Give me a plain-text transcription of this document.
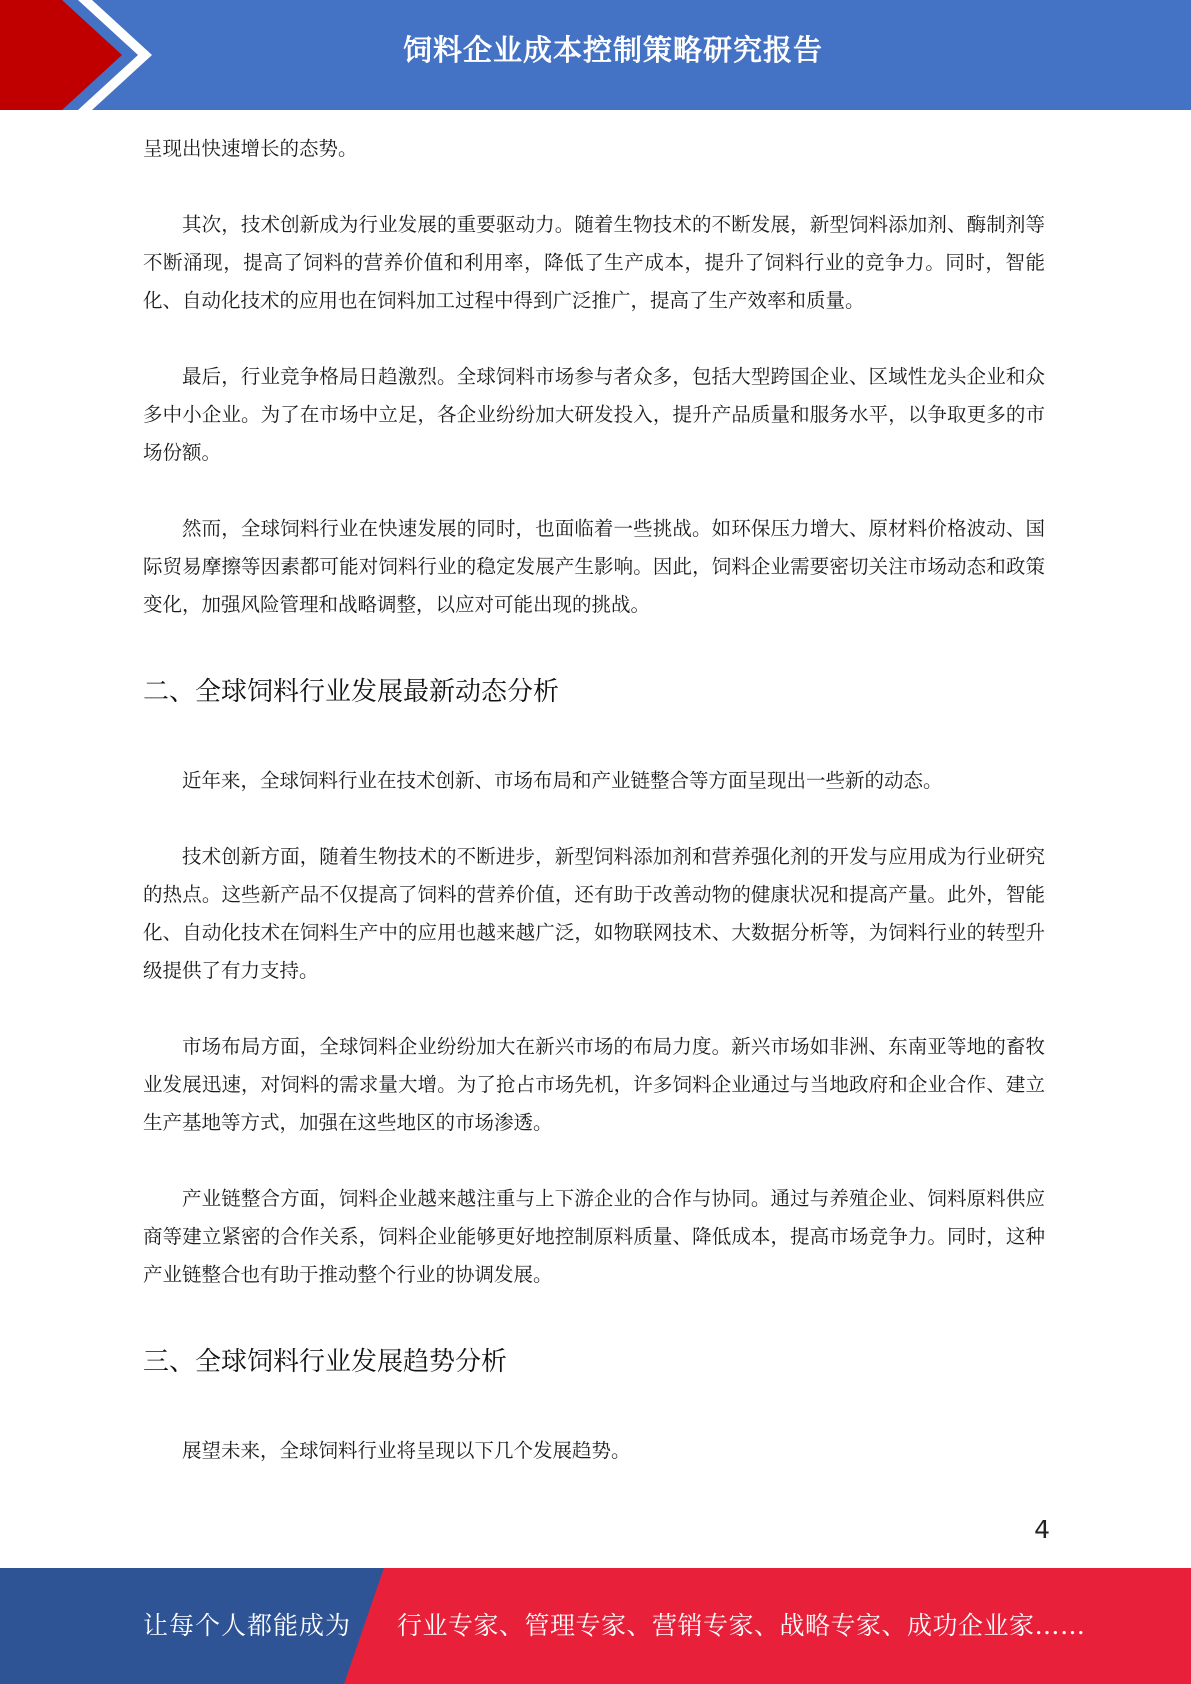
饲料企业成本控制策略研究报告

呈现出快速增长的态势。

其次，技术创新成为行业发展的重要驱动力。随着生物技术的不断发展，新型饲料添加剂、酶制剂等不断涌现，提高了饲料的营养价值和利用率，降低了生产成本，提升了饲料行业的竞争力。同时，智能化、自动化技术的应用也在饲料加工过程中得到广泛推广，提高了生产效率和质量。

最后，行业竞争格局日趋激烈。全球饲料市场参与者众多，包括大型跨国企业、区域性龙头企业和众多中小企业。为了在市场中立足，各企业纷纷加大研发投入，提升产品质量和服务水平，以争取更多的市场份额。

然而，全球饲料行业在快速发展的同时，也面临着一些挑战。如环保压力增大、原材料价格波动、国际贸易摩擦等因素都可能对饲料行业的稳定发展产生影响。因此，饲料企业需要密切关注市场动态和政策变化，加强风险管理和战略调整，以应对可能出现的挑战。

二、全球饲料行业发展最新动态分析

近年来，全球饲料行业在技术创新、市场布局和产业链整合等方面呈现出一些新的动态。

技术创新方面，随着生物技术的不断进步，新型饲料添加剂和营养强化剂的开发与应用成为行业研究的热点。这些新产品不仅提高了饲料的营养价值，还有助于改善动物的健康状况和提高产量。此外，智能化、自动化技术在饲料生产中的应用也越来越广泛，如物联网技术、大数据分析等，为饲料行业的转型升级提供了有力支持。

市场布局方面，全球饲料企业纷纷加大在新兴市场的布局力度。新兴市场如非洲、东南亚等地的畜牧业发展迅速，对饲料的需求量大增。为了抢占市场先机，许多饲料企业通过与当地政府和企业合作、建立生产基地等方式，加强在这些地区的市场渗透。

产业链整合方面，饲料企业越来越注重与上下游企业的合作与协同。通过与养殖企业、饲料原料供应商等建立紧密的合作关系，饲料企业能够更好地控制原料质量、降低成本，提高市场竞争力。同时，这种产业链整合也有助于推动整个行业的协调发展。

三、全球饲料行业发展趋势分析

展望未来，全球饲料行业将呈现以下几个发展趋势。

4
让每个人都能成为 行业专家、管理专家、营销专家、战略专家、成功企业家……
